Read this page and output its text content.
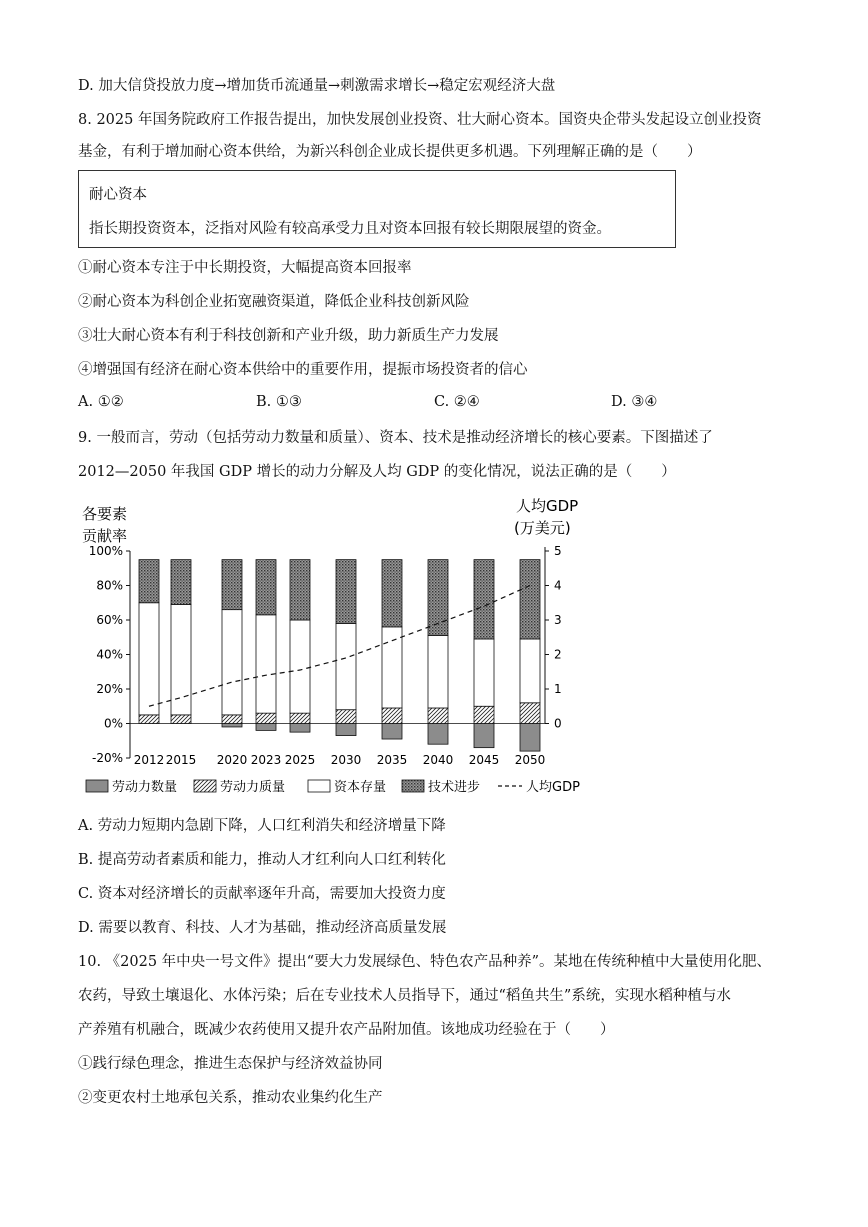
D. 加大信贷投放力度→增加货币流通量→刺激需求增长→稳定宏观经济大盘
8. 2025 年国务院政府工作报告提出，加快发展创业投资、壮大耐心资本。国资央企带头发起设立创业投资
基金，有利于增加耐心资本供给，为新兴科创企业成长提供更多机遇。下列理解正确的是（　　）
耐心资本
指长期投资资本，泛指对风险有较高承受力且对资本回报有较长期限展望的资金。
①耐心资本专注于中长期投资，大幅提高资本回报率
②耐心资本为科创企业拓宽融资渠道，降低企业科技创新风险
③壮大耐心资本有利于科技创新和产业升级，助力新质生产力发展
④增强国有经济在耐心资本供给中的重要作用，提振市场投资者的信心
A. ①②	B. ①③	C. ②④	D. ③④
9. 一般而言，劳动（包括劳动力数量和质量）、资本、技术是推动经济增长的核心要素。下图描述了
2012—2050 年我国 GDP 增长的动力分解及人均 GDP 的变化情况，说法正确的是（　　）
各要素
贡献率
人均GDP
(万美元)
100%
80%
60%
40%
20%
0%
-20%
5
4
3
2
1
0
2012 2015 2020 2023 2025 2030 2035 2040 2045 2050
劳动力数量	劳动力质量	资本存量	技术进步	人均GDP
A. 劳动力短期内急剧下降，人口红利消失和经济增量下降
B. 提高劳动者素质和能力，推动人才红利向人口红利转化
C. 资本对经济增长的贡献率逐年升高，需要加大投资力度
D. 需要以教育、科技、人才为基础，推动经济高质量发展
10. 《2025 年中央一号文件》提出“要大力发展绿色、特色农产品种养”。某地在传统种植中大量使用化肥、
农药，导致土壤退化、水体污染；后在专业技术人员指导下，通过“稻鱼共生”系统，实现水稻种植与水
产养殖有机融合，既减少农药使用又提升农产品附加值。该地成功经验在于（　　）
①践行绿色理念，推进生态保护与经济效益协同
②变更农村土地承包关系，推动农业集约化生产
